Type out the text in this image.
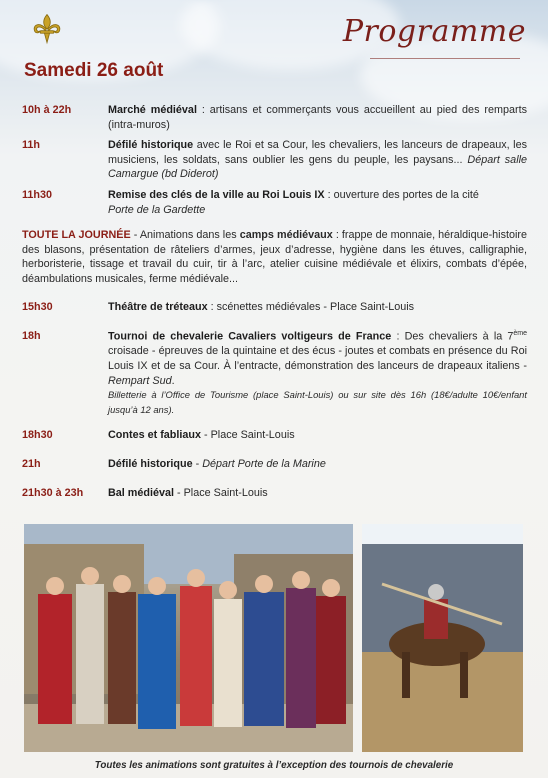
Programme
Samedi 26 août
10h à 22h	Marché médiéval : artisans et commerçants vous accueillent au pied des remparts (intra-muros)
11h	Défilé historique avec le Roi et sa Cour, les chevaliers, les lanceurs de drapeaux, les musiciens, les soldats, sans oublier les gens du peuple, les paysans... Départ salle Camargue (bd Diderot)
11h30	Remise des clés de la ville au Roi Louis IX : ouverture des portes de la cité
Porte de la Gardette
TOUTE LA JOURNÉE - Animations dans les camps médiévaux : frappe de monnaie, héraldique-histoire des blasons, présentation de râteliers d’armes, jeux d’adresse, hygiène dans les étuves, calligraphie, herboristerie, tissage et travail du cuir, tir à l’arc, atelier cuisine médiévale et élixirs, combats d’épée, déambulations musicales, ferme médiévale...
15h30	Théâtre de tréteaux : scénettes médiévales - Place Saint-Louis
18h	Tournoi de chevalerie Cavaliers voltigeurs de France : Des chevaliers à la 7ème croisade - épreuves de la quintaine et des écus - joutes et combats en présence du Roi Louis IX et de sa Cour. À l’entracte, démonstration des lanceurs de drapeaux italiens - Rempart Sud.
Billetterie à l’Office de Tourisme (place Saint-Louis) ou sur site dès 16h (18€/adulte 10€/enfant jusqu’à 12 ans).
18h30	Contes et fabliaux - Place Saint-Louis
21h	Défilé historique - Départ Porte de la Marine
21h30 à 23h	Bal médiéval - Place Saint-Louis
Toutes les animations sont gratuites à l’exception des tournois de chevalerie
